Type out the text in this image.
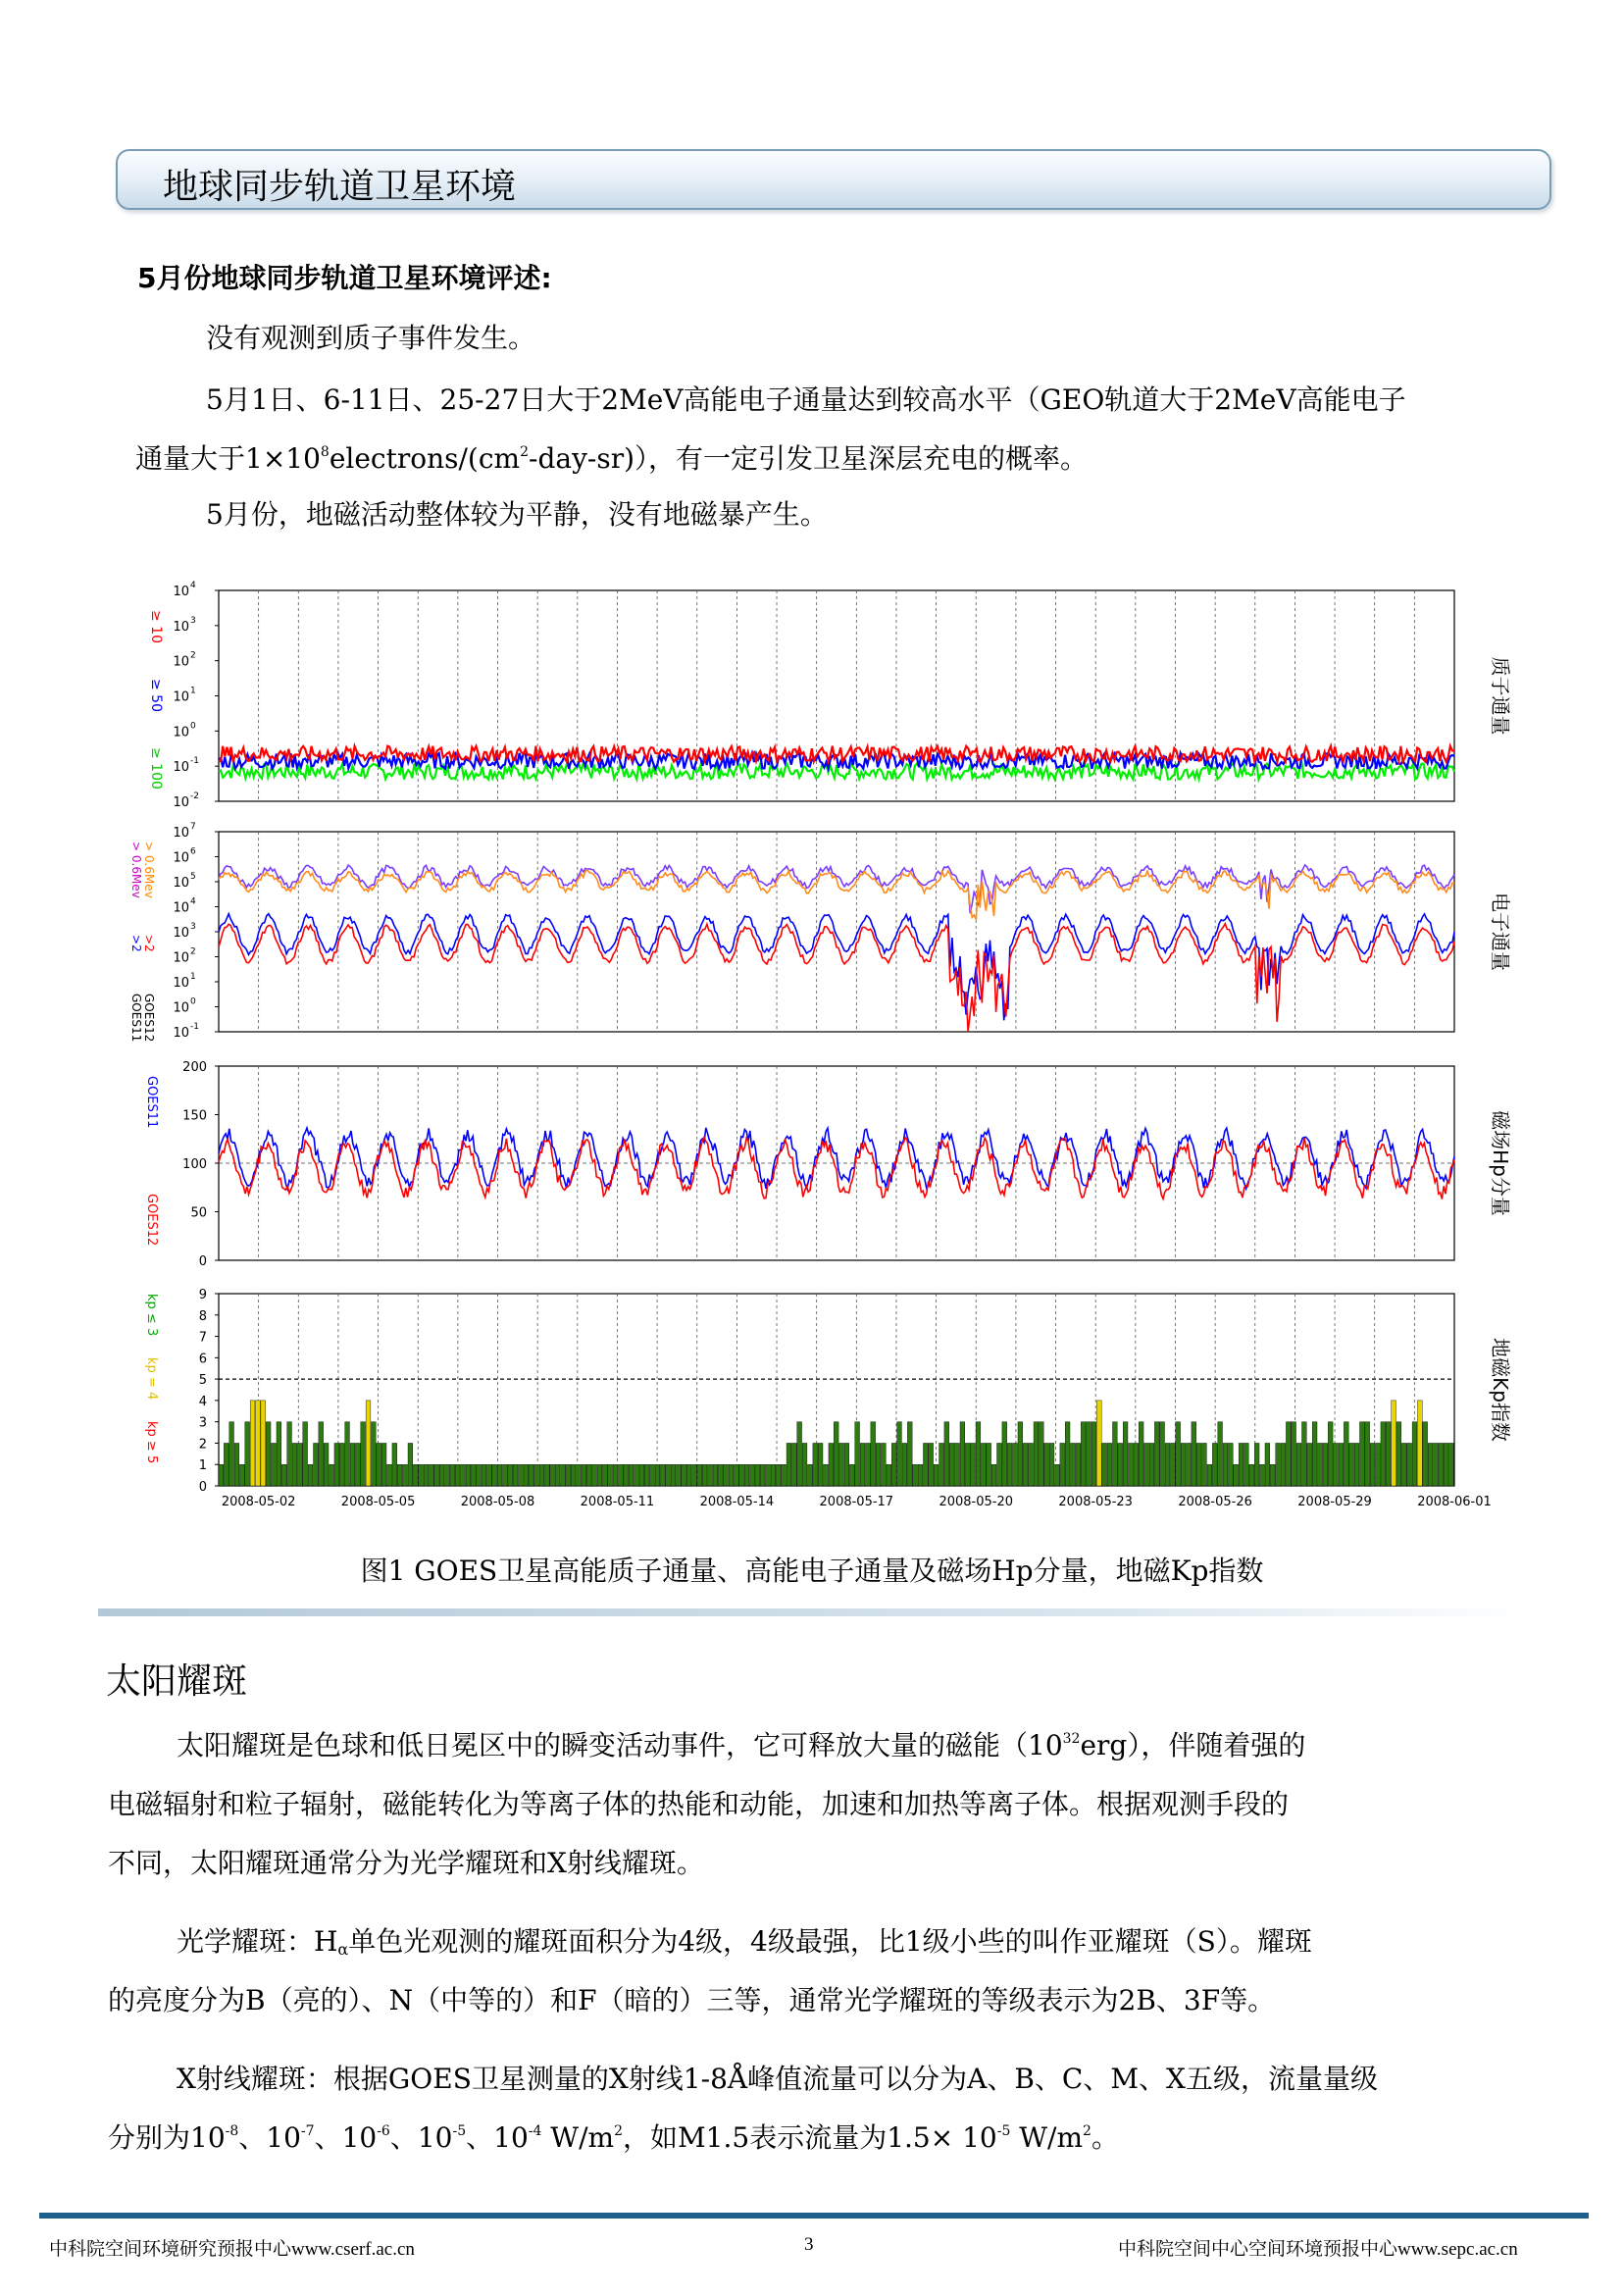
地球同步轨道卫星环境
5月份地球同步轨道卫星环境评述:
没有观测到质子事件发生。
5月1日、6-11日、25-27日大于2MeV高能电子通量达到较高水平（GEO轨道大于2MeV高能电子
通量大于$1\times 10^8electrons/(cm^2-day-sr)$），有一定引发卫星深层充电的概率。
5月份，地磁活动整体较为平静，没有地磁暴产生。
质子通量
电子通量
磁场Hp分量
地磁Kp指数
10 -2
10 -1
10 0
10 1
10 2
10 3
10 4
≥ 10
≥ 50
≥ 100
10 -1
10 0
10 1
10 2
10 3
10 4
10 5
10 6
10 7
GOES11 GOES12
>2 >2
> 0.6Mev > 0.6Mev
0
50
100
150
200
GOES11
GOES12
0
1
2
3
4
5
6
7
8
9
2008-05-02	2008-05-05	2008-05-08	2008-05-11	2008-05-14	2008-05-17	2008-05-20	2008-05-23	2008-05-26	2008-05-29	2008-06-01
kp ≥ 5
kp = 4
kp ≤ 3
图1 GOES卫星高能质子通量、高能电子通量及磁场Hp分量，地磁Kp指数
太阳耀斑
太阳耀斑是色球和低日冕区中的瞬变活动事件，它可释放大量的磁能$(10^{32}erg)$，伴随着强的
电磁辐射和粒子辐射，磁能转化为等离子体的热能和动能，加速和加热等离子体。根据观测手段的
不同，太阳耀斑通常分为光学耀斑和X射线耀斑。
光学耀斑：$H_\alpha$单色光观测的耀斑面积分为4级，4级最强，比1级小些的叫作亚耀斑（S）。耀斑
的亮度分为B（亮的）、N（中等的）和F（暗的）三等，通常光学耀斑的等级表示为2B、3F等。
X射线耀斑：根据GOES卫星测量的X射线1-8Å峰值流量可以分为A、B、C、M、X五级，流量量级
分别为$10^{-8}$、$10^{-7}$、$10^{-6}$、$10^{-5}$、$10^{-4}$ $W/m^2$，如M1.5表示流量为$1.5\times 10^{-5}$ $W/m^2$。
中科院空间环境研究预报中心www.cserf.ac.cn	3	中科院空间中心空间环境预报中心www.sepc.ac.cn
